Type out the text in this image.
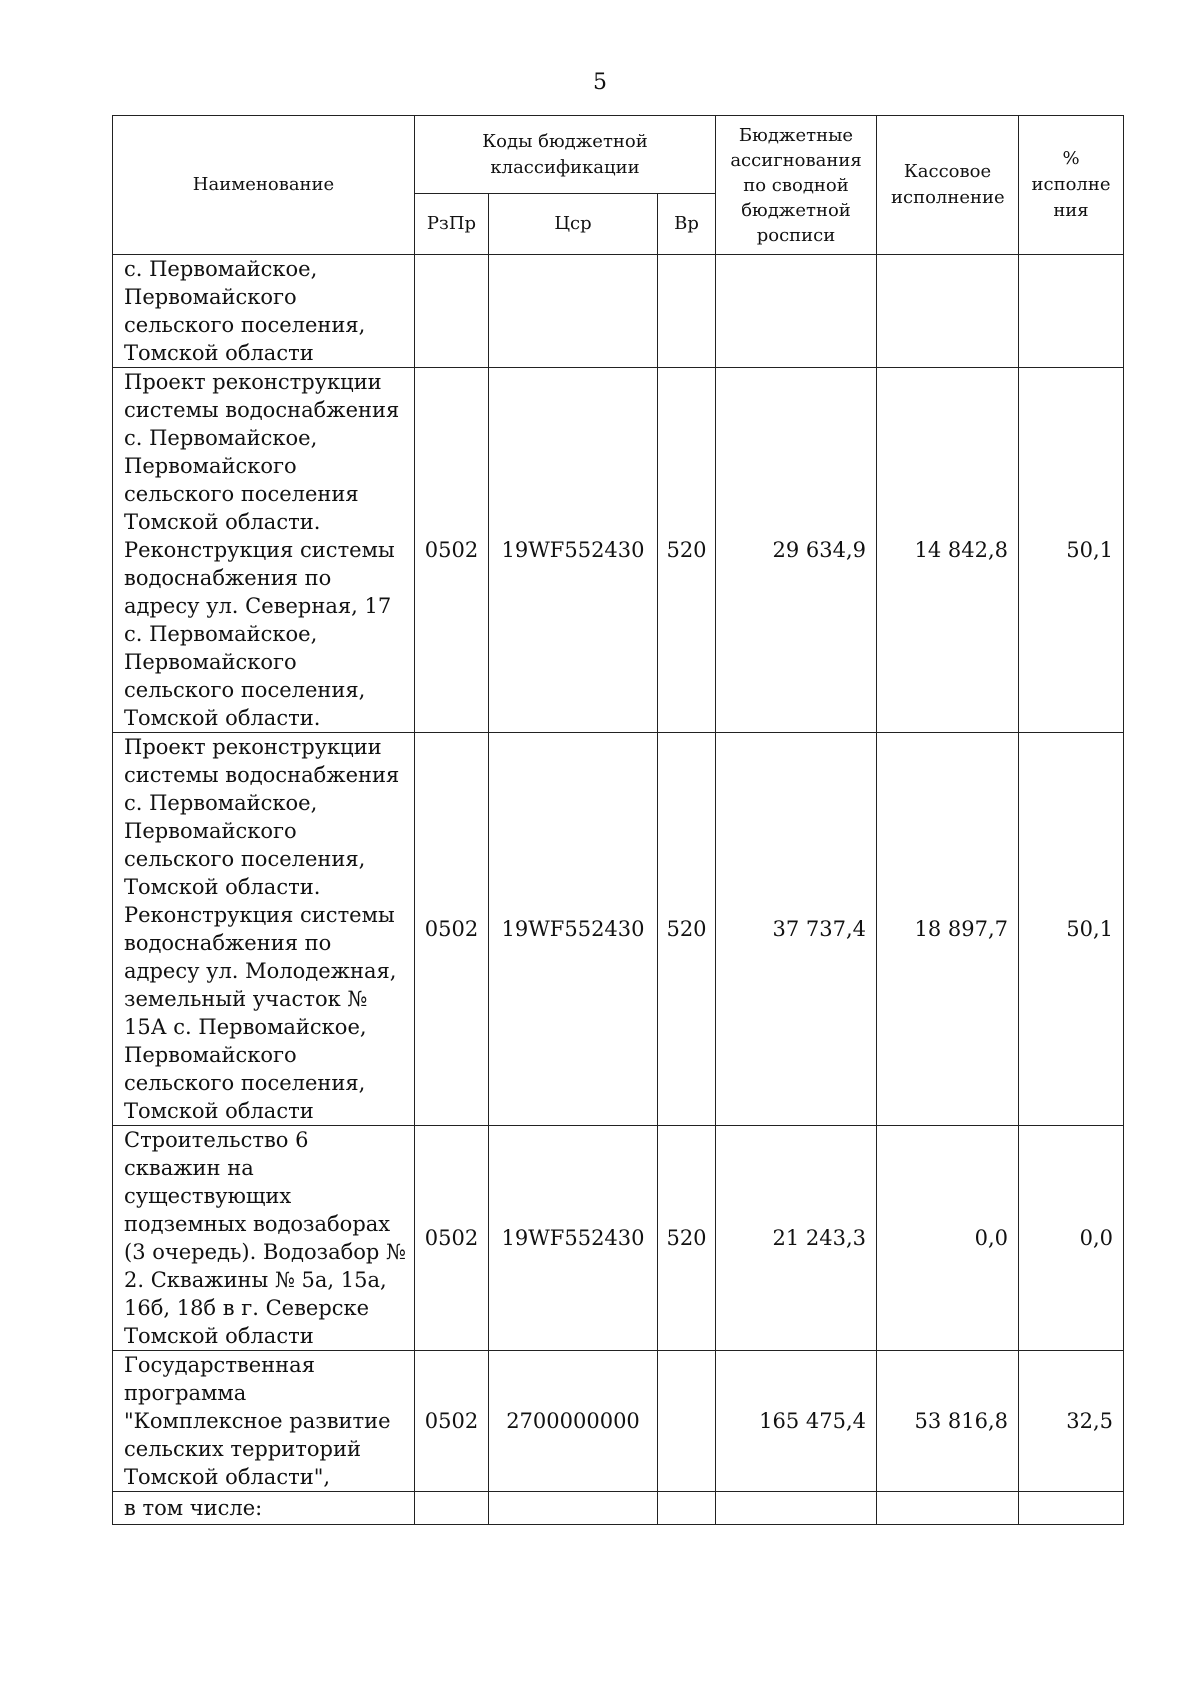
5
Наименование	Коды бюджетной классификации			Бюджетные ассигнования по сводной бюджетной росписи	Кассовое исполнение	% исполне ния
	РзПр	Цср	Вр			
с. Первомайское, Первомайского сельского поселения, Томской области						
Проект реконструкции системы водоснабжения с. Первомайское, Первомайского сельского поселения Томской области. Реконструкция системы водоснабжения по адресу ул. Северная, 17 с. Первомайское, Первомайского сельского поселения, Томской области.	0502	19WF552430	520	29 634,9	14 842,8	50,1
Проект реконструкции системы водоснабжения с. Первомайское, Первомайского сельского поселения, Томской области. Реконструкция системы водоснабжения по адресу ул. Молодежная, земельный участок № 15А с. Первомайское, Первомайского сельского поселения, Томской области	0502	19WF552430	520	37 737,4	18 897,7	50,1
Строительство 6 скважин на существующих подземных водозаборах (3 очередь). Водозабор № 2. Скважины № 5а, 15а, 16б, 18б в г. Северске Томской области	0502	19WF552430	520	21 243,3	0,0	0,0
Государственная программа "Комплексное развитие сельских территорий Томской области",	0502	2700000000		165 475,4	53 816,8	32,5
в том числе:						
